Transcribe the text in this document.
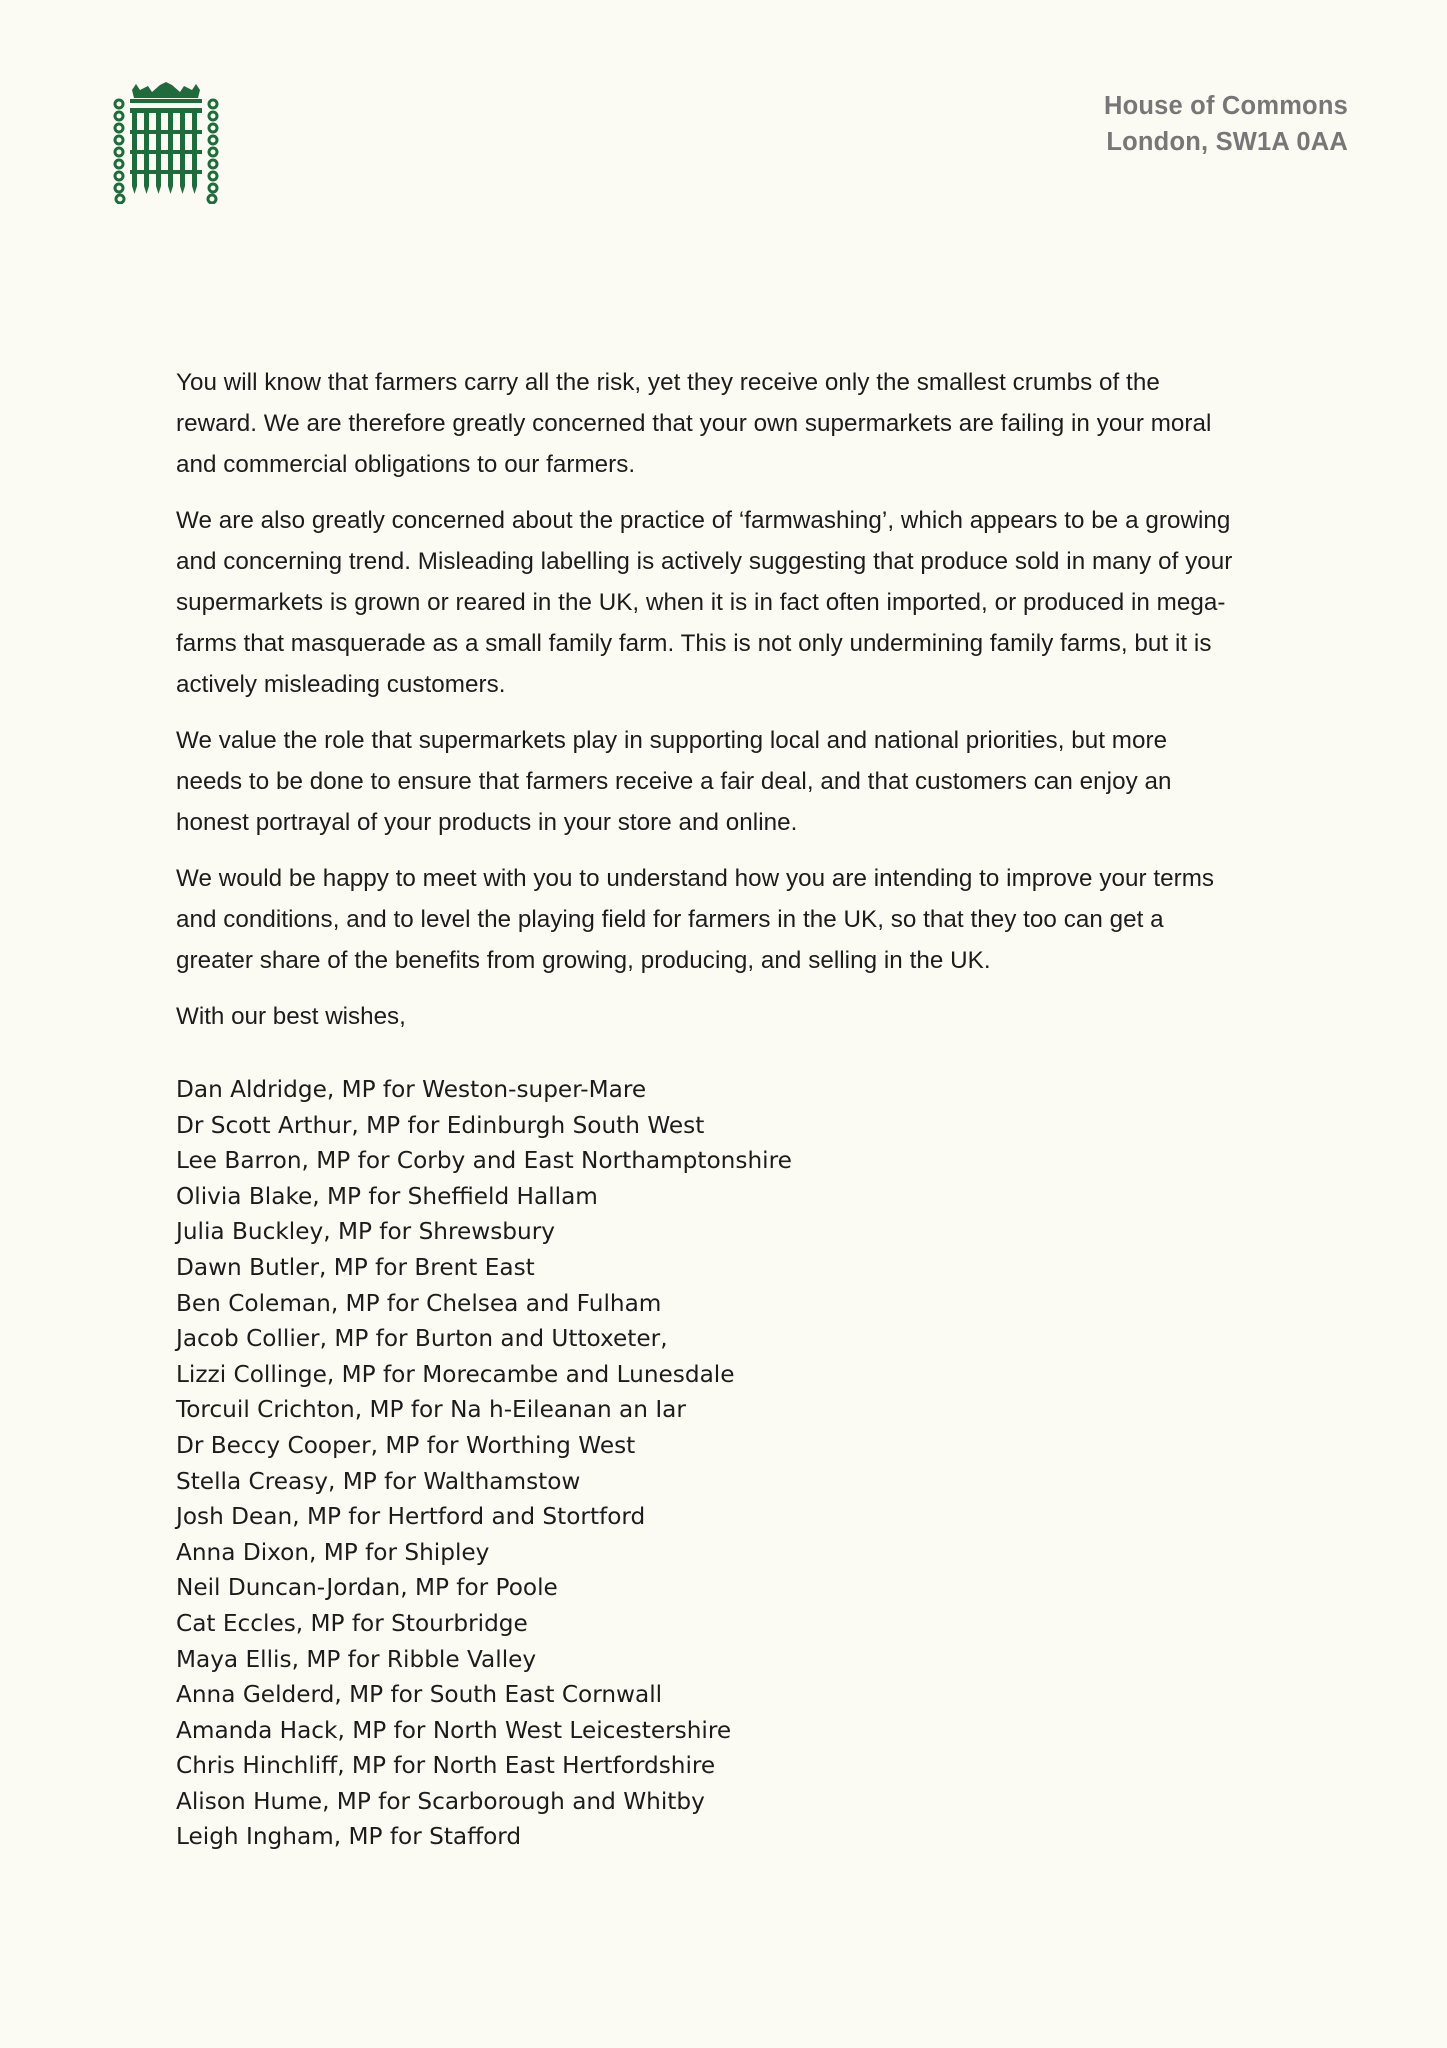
House of Commons
London, SW1A 0AA

You will know that farmers carry all the risk, yet they receive only the smallest crumbs of the
reward. We are therefore greatly concerned that your own supermarkets are failing in your moral
and commercial obligations to our farmers.

We are also greatly concerned about the practice of ‘farmwashing’, which appears to be a growing
and concerning trend. Misleading labelling is actively suggesting that produce sold in many of your
supermarkets is grown or reared in the UK, when it is in fact often imported, or produced in mega-
farms that masquerade as a small family farm. This is not only undermining family farms, but it is
actively misleading customers.

We value the role that supermarkets play in supporting local and national priorities, but more
needs to be done to ensure that farmers receive a fair deal, and that customers can enjoy an
honest portrayal of your products in your store and online.

We would be happy to meet with you to understand how you are intending to improve your terms
and conditions, and to level the playing field for farmers in the UK, so that they too can get a
greater share of the benefits from growing, producing, and selling in the UK.

With our best wishes,

Dan Aldridge, MP for Weston-super-Mare
Dr Scott Arthur, MP for Edinburgh South West
Lee Barron, MP for Corby and East Northamptonshire
Olivia Blake, MP for Sheffield Hallam
Julia Buckley, MP for Shrewsbury
Dawn Butler, MP for Brent East
Ben Coleman, MP for Chelsea and Fulham
Jacob Collier, MP for Burton and Uttoxeter,
Lizzi Collinge, MP for Morecambe and Lunesdale
Torcuil Crichton, MP for Na h-Eileanan an Iar
Dr Beccy Cooper, MP for Worthing West
Stella Creasy, MP for Walthamstow
Josh Dean, MP for Hertford and Stortford
Anna Dixon, MP for Shipley
Neil Duncan-Jordan, MP for Poole
Cat Eccles, MP for Stourbridge
Maya Ellis, MP for Ribble Valley
Anna Gelderd, MP for South East Cornwall
Amanda Hack, MP for North West Leicestershire
Chris Hinchliff, MP for North East Hertfordshire
Alison Hume, MP for Scarborough and Whitby
Leigh Ingham, MP for Stafford
